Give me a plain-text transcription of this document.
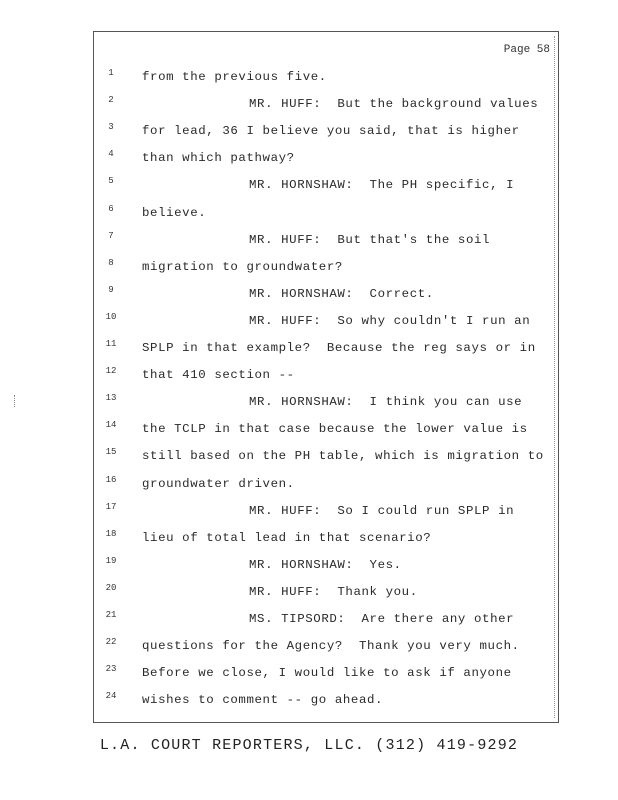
Page 58
1	from the previous five.
2	MR. HUFF:  But the background values
3	for lead, 36 I believe you said, that is higher
4	than which pathway?
5	MR. HORNSHAW:  The PH specific, I
6	believe.
7	MR. HUFF:  But that's the soil
8	migration to groundwater?
9	MR. HORNSHAW:  Correct.
10	MR. HUFF:  So why couldn't I run an
11	SPLP in that example?  Because the reg says or in
12	that 410 section --
13	MR. HORNSHAW:  I think you can use
14	the TCLP in that case because the lower value is
15	still based on the PH table, which is migration to
16	groundwater driven.
17	MR. HUFF:  So I could run SPLP in
18	lieu of total lead in that scenario?
19	MR. HORNSHAW:  Yes.
20	MR. HUFF:  Thank you.
21	MS. TIPSORD:  Are there any other
22	questions for the Agency?  Thank you very much.
23	Before we close, I would like to ask if anyone
24	wishes to comment -- go ahead.
L.A. COURT REPORTERS, LLC. (312) 419-9292
